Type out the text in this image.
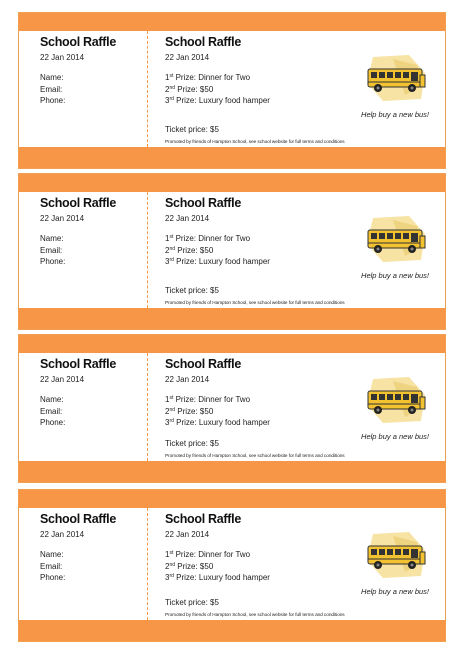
School Raffle
22 Jan 2014
Name:
Email:
Phone:
School Raffle
22 Jan 2014
1st Prize: Dinner for Two
2nd Prize: $50
3rd Prize: Luxury food hamper
Ticket price: $5
Promoted by friends of Hampton School, see school website for full terms and conditions
Help buy a new bus!
School Raffle
22 Jan 2014
Name:
Email:
Phone:
School Raffle
22 Jan 2014
1st Prize: Dinner for Two
2nd Prize: $50
3rd Prize: Luxury food hamper
Ticket price: $5
Promoted by friends of Hampton School, see school website for full terms and conditions
Help buy a new bus!
School Raffle
22 Jan 2014
Name:
Email:
Phone:
School Raffle
22 Jan 2014
1st Prize: Dinner for Two
2nd Prize: $50
3rd Prize: Luxury food hamper
Ticket price: $5
Promoted by friends of Hampton School, see school website for full terms and conditions
Help buy a new bus!
School Raffle
22 Jan 2014
Name:
Email:
Phone:
School Raffle
22 Jan 2014
1st Prize: Dinner for Two
2nd Prize: $50
3rd Prize: Luxury food hamper
Ticket price: $5
Promoted by friends of Hampton School, see school website for full terms and conditions
Help buy a new bus!
